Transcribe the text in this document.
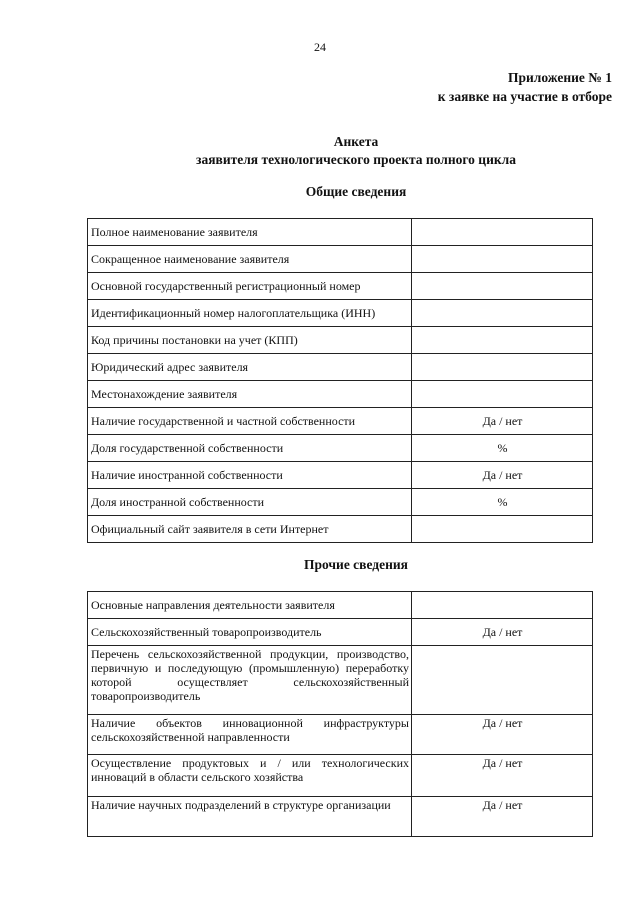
24
Приложение № 1
к заявке на участие в отборе
Анкета
заявителя технологического проекта полного цикла
Общие сведения
Полное наименование заявителя	
Сокращенное наименование заявителя	
Основной государственный регистрационный номер	
Идентификационный номер налогоплательщика (ИНН)	
Код причины постановки на учет (КПП)	
Юридический адрес заявителя	
Местонахождение заявителя	
Наличие государственной и частной собственности	Да / нет
Доля государственной собственности	%
Наличие иностранной собственности	Да / нет
Доля иностранной собственности	%
Официальный сайт заявителя в сети Интернет	
Прочие сведения
Основные направления деятельности заявителя	
Сельскохозяйственный товаропроизводитель	Да / нет
Перечень сельскохозяйственной продукции, производство, первичную и последующую (промышленную) переработку которой осуществляет сельскохозяйственный товаропроизводитель	
Наличие объектов инновационной инфраструктуры сельскохозяйственной направленности	Да / нет
Осуществление продуктовых и / или технологических инноваций в области сельского хозяйства	Да / нет
Наличие научных подразделений в структуре организации	Да / нет
